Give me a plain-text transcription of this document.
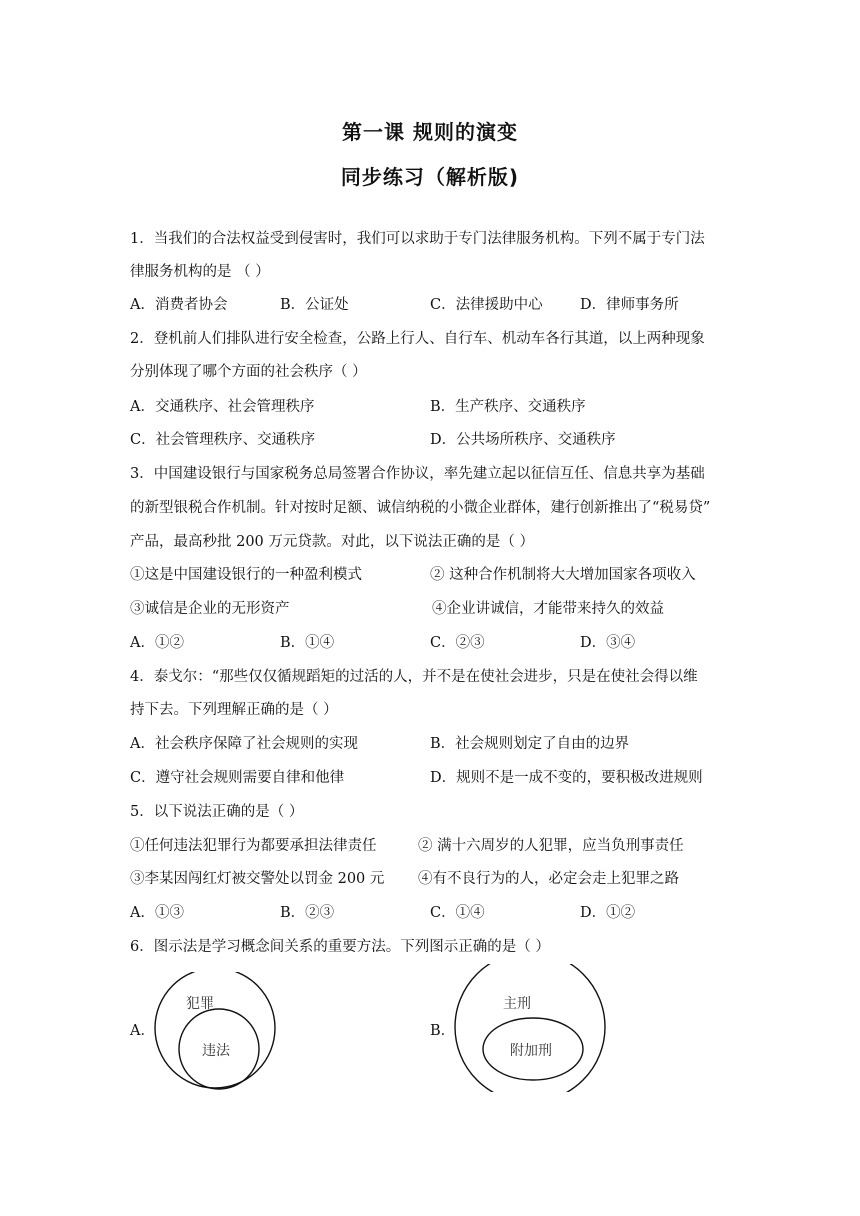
第一课 规则的演变
同步练习（解析版)
1．当我们的合法权益受到侵害时，我们可以求助于专门法律服务机构。下列不属于专门法
律服务机构的是 （ ）
A．消费者协会	B．公证处	C．法律援助中心	D．律师事务所
2．登机前人们排队进行安全检查，公路上行人、自行车、机动车各行其道，以上两种现象
分别体现了哪个方面的社会秩序（ ）
A．交通秩序、社会管理秩序	B．生产秩序、交通秩序
C．社会管理秩序、交通秩序	D．公共场所秩序、交通秩序
3．中国建设银行与国家税务总局签署合作协议，率先建立起以征信互任、信息共享为基础
的新型银税合作机制。针对按时足额、诚信纳税的小微企业群体，建行创新推出了“税易贷”
产品，最高秒批 200 万元贷款。对此，以下说法正确的是（ ）
①这是中国建设银行的一种盈利模式	② 这种合作机制将大大增加国家各项收入
③诚信是企业的无形资产	④企业讲诚信，才能带来持久的效益
A．①②	B．①④	C．②③	D．③④
4．泰戈尔：“那些仅仅循规蹈矩的过活的人，并不是在使社会进步，只是在使社会得以维
持下去。下列理解正确的是（ ）
A．社会秩序保障了社会规则的实现	B．社会规则划定了自由的边界
C．遵守社会规则需要自律和他律	D．规则不是一成不变的，要积极改进规则
5．以下说法正确的是（ ）
①任何违法犯罪行为都要承担法律责任	② 满十六周岁的人犯罪，应当负刑事责任
③李某因闯红灯被交警处以罚金 200 元 ④有不良行为的人，必定会走上犯罪之路
A．①③	B．②③	C．①④	D．①②
6．图示法是学习概念间关系的重要方法。下列图示正确的是（ ）
A．
犯罪
违法
B．
主刑
附加刑
